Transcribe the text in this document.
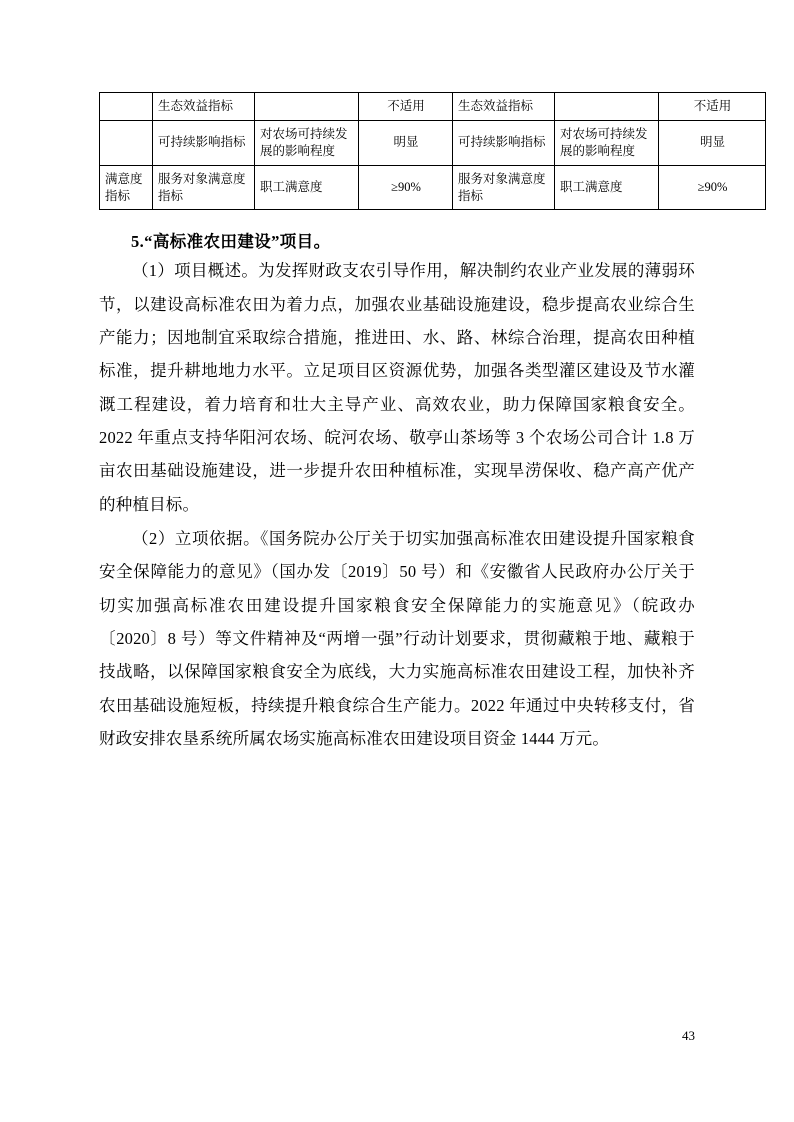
	生态效益指标		不适用	生态效益指标		不适用
	可持续影响指标	对农场可持续发展的影响程度	明显	可持续影响指标	对农场可持续发展的影响程度	明显
满意度指标	服务对象满意度指标	职工满意度	≥90%	服务对象满意度指标	职工满意度	≥90%
5.“高标准农田建设”项目。

（1）项目概述。为发挥财政支农引导作用，解决制约农业产业发展的薄弱环节，以建设高标准农田为着力点，加强农业基础设施建设，稳步提高农业综合生产能力；因地制宜采取综合措施，推进田、水、路、林综合治理，提高农田种植标准，提升耕地地力水平。立足项目区资源优势，加强各类型灌区建设及节水灌溉工程建设，着力培育和壮大主导产业、高效农业，助力保障国家粮食安全。2022 年重点支持华阳河农场、皖河农场、敬亭山茶场等 3 个农场公司合计 1.8 万亩农田基础设施建设，进一步提升农田种植标准，实现旱涝保收、稳产高产优产的种植目标。

（2）立项依据。《国务院办公厅关于切实加强高标准农田建设提升国家粮食安全保障能力的意见》（国办发〔2019〕50 号）和《安徽省人民政府办公厅关于切实加强高标准农田建设提升国家粮食安全保障能力的实施意见》（皖政办〔2020〕8 号）等文件精神及“两增一强”行动计划要求，贯彻藏粮于地、藏粮于技战略，以保障国家粮食安全为底线，大力实施高标准农田建设工程，加快补齐农田基础设施短板，持续提升粮食综合生产能力。2022 年通过中央转移支付，省财政安排农垦系统所属农场实施高标准农田建设项目资金 1444 万元。

43
